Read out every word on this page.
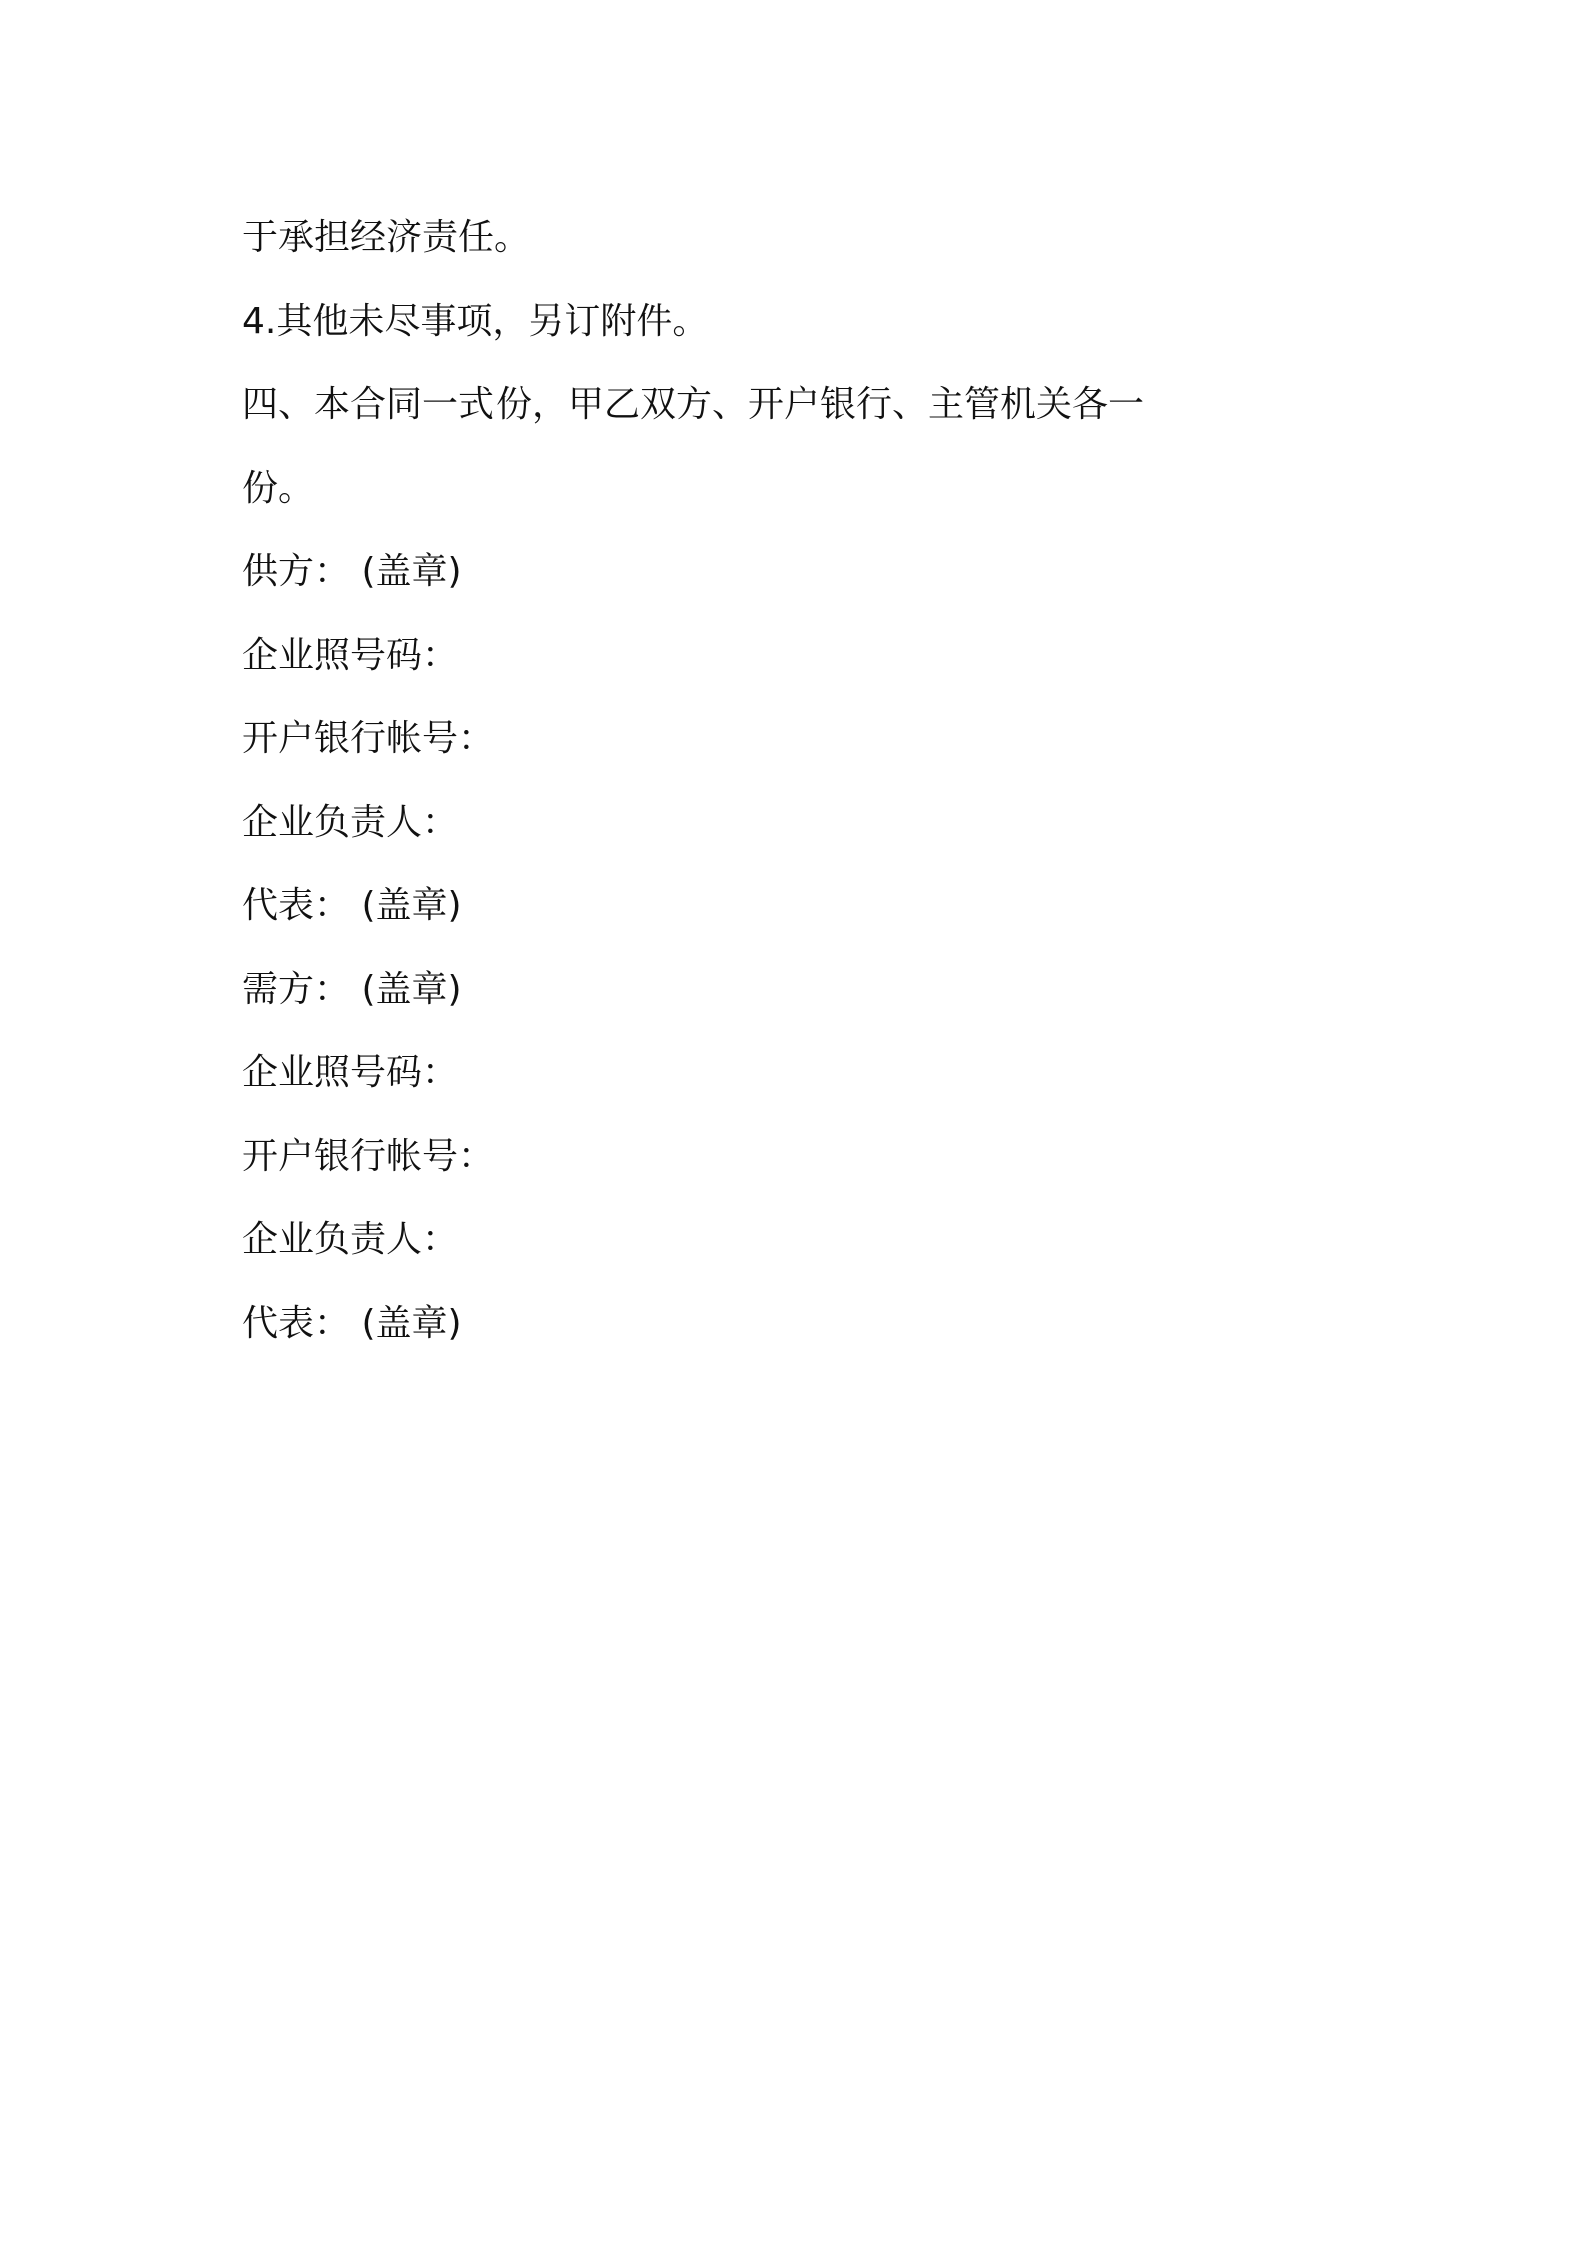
于承担经济责任。
4.其他未尽事项，另订附件。
四、本合同一式份，甲乙双方、开户银行、主管机关各一
份。
供方： (盖章)
企业照号码：
开户银行帐号：
企业负责人：
代表： (盖章)
需方： (盖章)
企业照号码：
开户银行帐号：
企业负责人：
代表： (盖章)
